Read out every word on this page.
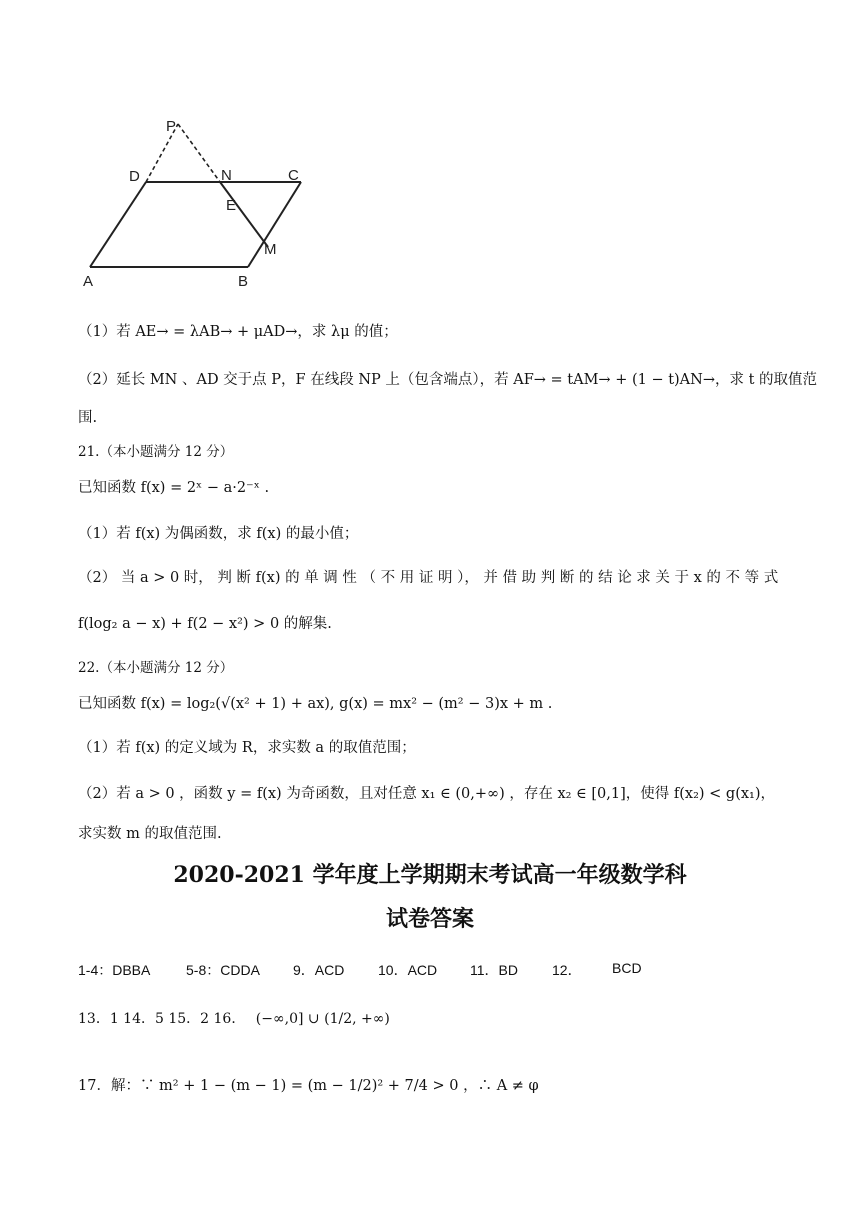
P
D	N	C
E
M
A	B
（1）若 AE→ = λAB→ + μAD→，求 λμ 的值；
（2）延长 MN 、AD 交于点 P，F 在线段 NP 上（包含端点），若 AF→ = tAM→ + (1 − t)AN→，求 t 的取值范
围.
21.（本小题满分 12 分）
已知函数 f(x) = 2ˣ − a·2⁻ˣ .
（1）若 f(x) 为偶函数，求 f(x) 的最小值；
（2） 当 a > 0 时， 判 断 f(x) 的 单 调 性 （ 不 用 证 明 ）， 并 借 助 判 断 的 结 论 求 关 于 x 的 不 等 式
f(log₂ a − x) + f(2 − x²) > 0 的解集.
22.（本小题满分 12 分）
已知函数 f(x) = log₂(√(x² + 1) + ax), g(x) = mx² − (m² − 3)x + m .
（1）若 f(x) 的定义域为 R，求实数 a 的取值范围；
（2）若 a > 0 ，函数 y = f(x) 为奇函数，且对任意 x₁ ∈ (0,+∞) ，存在 x₂ ∈ [0,1]，使得 f(x₂) < g(x₁)，
求实数 m 的取值范围.
2020-2021 学年度上学期期末考试高一年级数学科
试卷答案
1-4：DBBA	5-8：CDDA 9．ACD 10．ACD 11．BD 12． BCD
13．1 14．5 15．2 16． (−∞,0] ∪ (1/2, +∞)
17．解：∵ m² + 1 − (m − 1) = (m − 1/2)² + 7/4 > 0 ，∴ A ≠ φ
